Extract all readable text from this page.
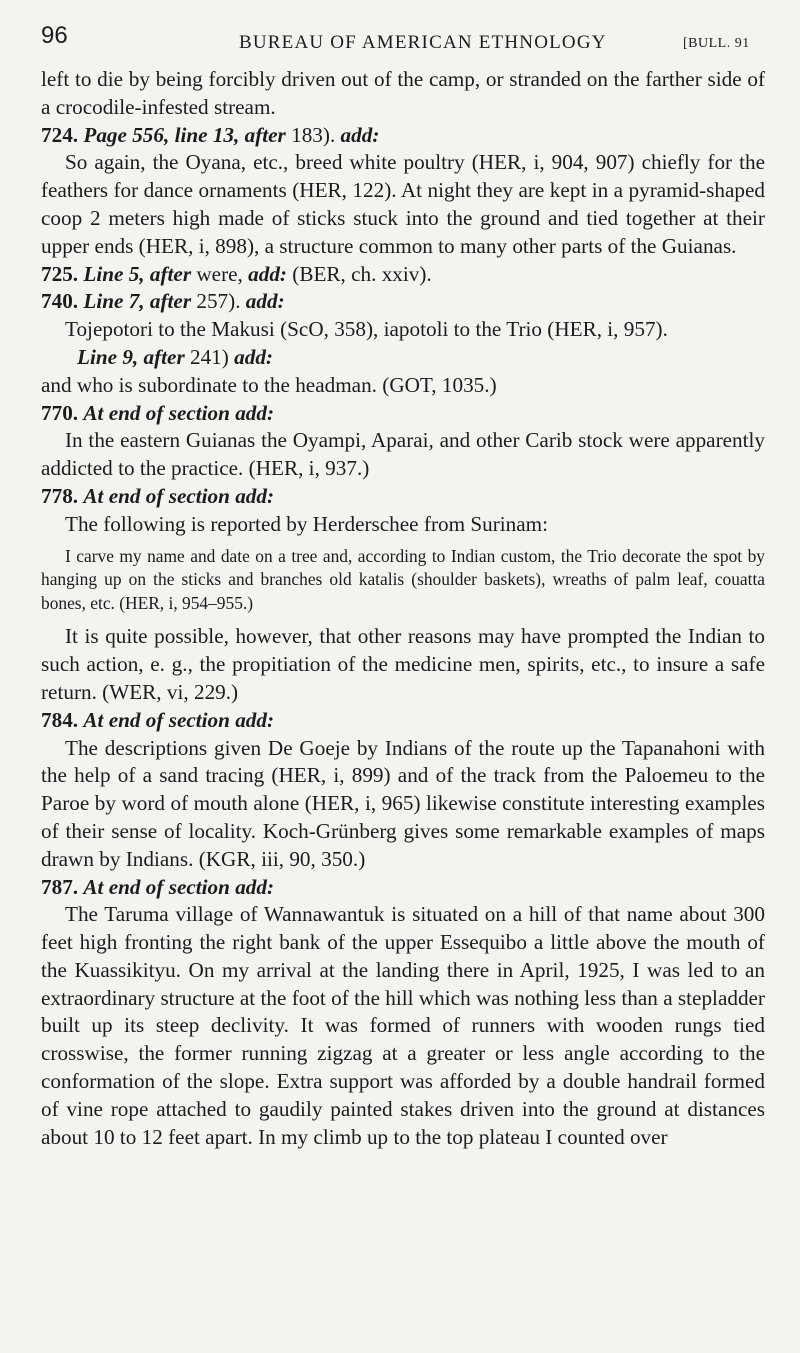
96	BUREAU OF AMERICAN ETHNOLOGY	[BULL. 91

left to die by being forcibly driven out of the camp, or stranded on the farther side of a crocodile-infested stream.

724. Page 556, line 13, after 183). add:

So again, the Oyana, etc., breed white poultry (HER, i, 904, 907) chiefly for the feathers for dance ornaments (HER, 122). At night they are kept in a pyramid-shaped coop 2 meters high made of sticks stuck into the ground and tied together at their upper ends (HER, i, 898), a structure common to many other parts of the Guianas.

725. Line 5, after were, add: (BER, ch. xxiv).

740. Line 7, after 257). add:

Tojepotori to the Makusi (ScO, 358), iapotoli to the Trio (HER, i, 957).

Line 9, after 241) add:

and who is subordinate to the headman. (GOT, 1035.)

770. At end of section add:

In the eastern Guianas the Oyampi, Aparai, and other Carib stock were apparently addicted to the practice. (HER, i, 937.)

778. At end of section add:

The following is reported by Herderschee from Surinam:

I carve my name and date on a tree and, according to Indian custom, the Trio decorate the spot by hanging up on the sticks and branches old katalis (shoulder baskets), wreaths of palm leaf, couatta bones, etc. (HER, i, 954–955.)

It is quite possible, however, that other reasons may have prompted the Indian to such action, e. g., the propitiation of the medicine men, spirits, etc., to insure a safe return. (WER, vi, 229.)

784. At end of section add:

The descriptions given De Goeje by Indians of the route up the Tapanahoni with the help of a sand tracing (HER, i, 899) and of the track from the Paloemeu to the Paroe by word of mouth alone (HER, i, 965) likewise constitute interesting examples of their sense of locality. Koch-Grünberg gives some remarkable examples of maps drawn by Indians. (KGR, iii, 90, 350.)

787. At end of section add:

The Taruma village of Wannawantuk is situated on a hill of that name about 300 feet high fronting the right bank of the upper Essequibo a little above the mouth of the Kuassikityu. On my arrival at the landing there in April, 1925, I was led to an extraordinary structure at the foot of the hill which was nothing less than a stepladder built up its steep declivity. It was formed of runners with wooden rungs tied crosswise, the former running zigzag at a greater or less angle according to the conformation of the slope. Extra support was afforded by a double handrail formed of vine rope attached to gaudily painted stakes driven into the ground at distances about 10 to 12 feet apart. In my climb up to the top plateau I counted over
